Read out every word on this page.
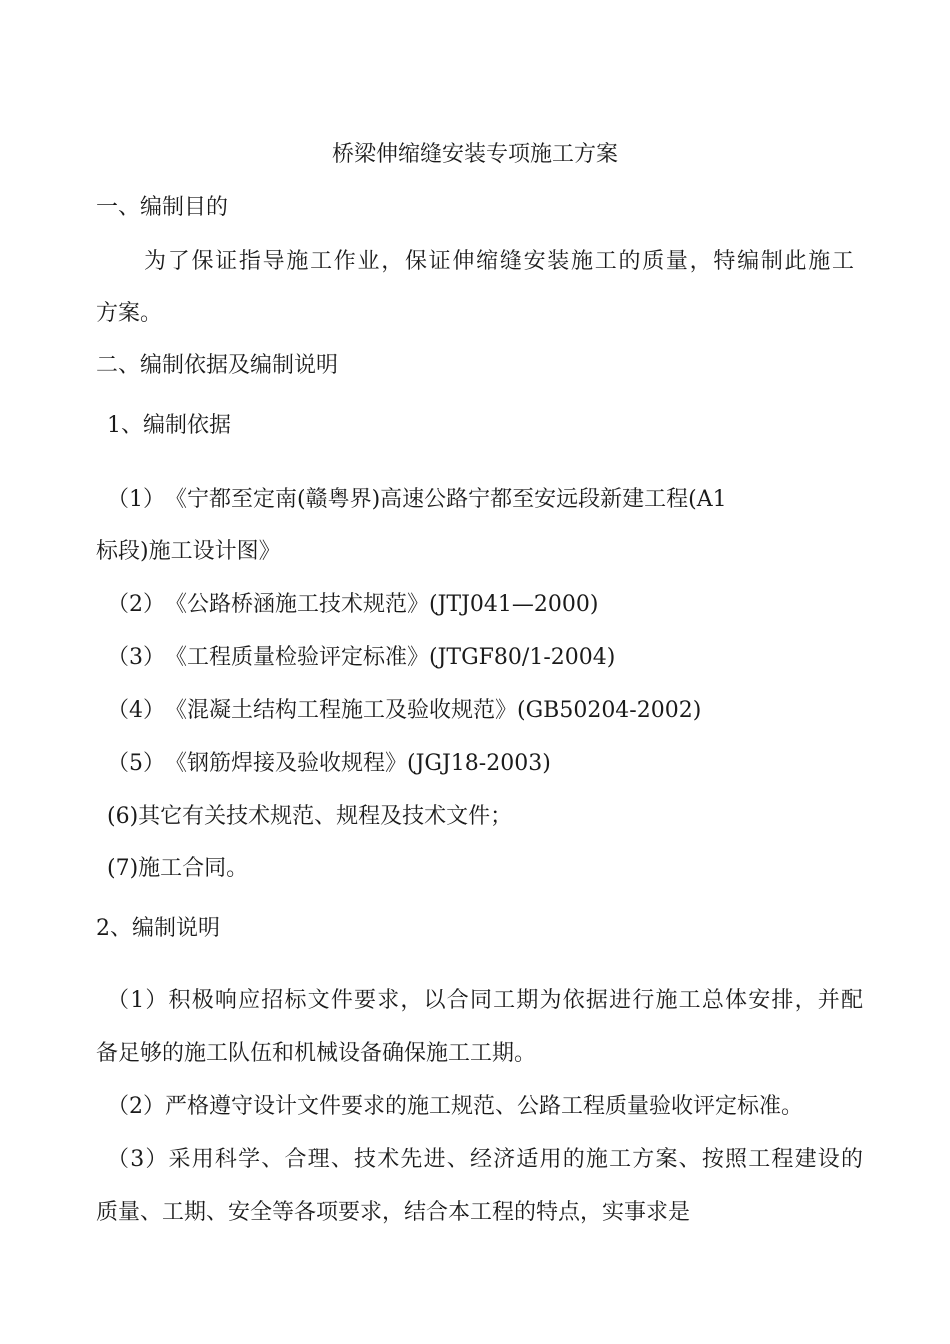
桥梁伸缩缝安装专项施工方案
一、编制目的
为了保证指导施工作业，保证伸缩缝安装施工的质量，特编制此施工
方案。
二、编制依据及编制说明
1、编制依据
（1）　《宁都至定南(赣粤界)高速公路宁都至安远段新建工程(A1
标段)施工设计图》
（2）　《公路桥涵施工技术规范》(JTJ041—2000)
（3）　《工程质量检验评定标准》(JTGF80/1-2004)
（4）　《混凝土结构工程施工及验收规范》(GB50204-2002)
（5）　《钢筋焊接及验收规程》(JGJ18-2003)
(6)其它有关技术规范、规程及技术文件；
(7)施工合同。
2、编制说明
（1）积极响应招标文件要求，以合同工期为依据进行施工总体安排，并配
备足够的施工队伍和机械设备确保施工工期。
（2）严格遵守设计文件要求的施工规范、公路工程质量验收评定标准。
（3）采用科学、合理、技术先进、经济适用的施工方案、按照工程建设的
质量、工期、安全等各项要求，结合本工程的特点，实事求是
